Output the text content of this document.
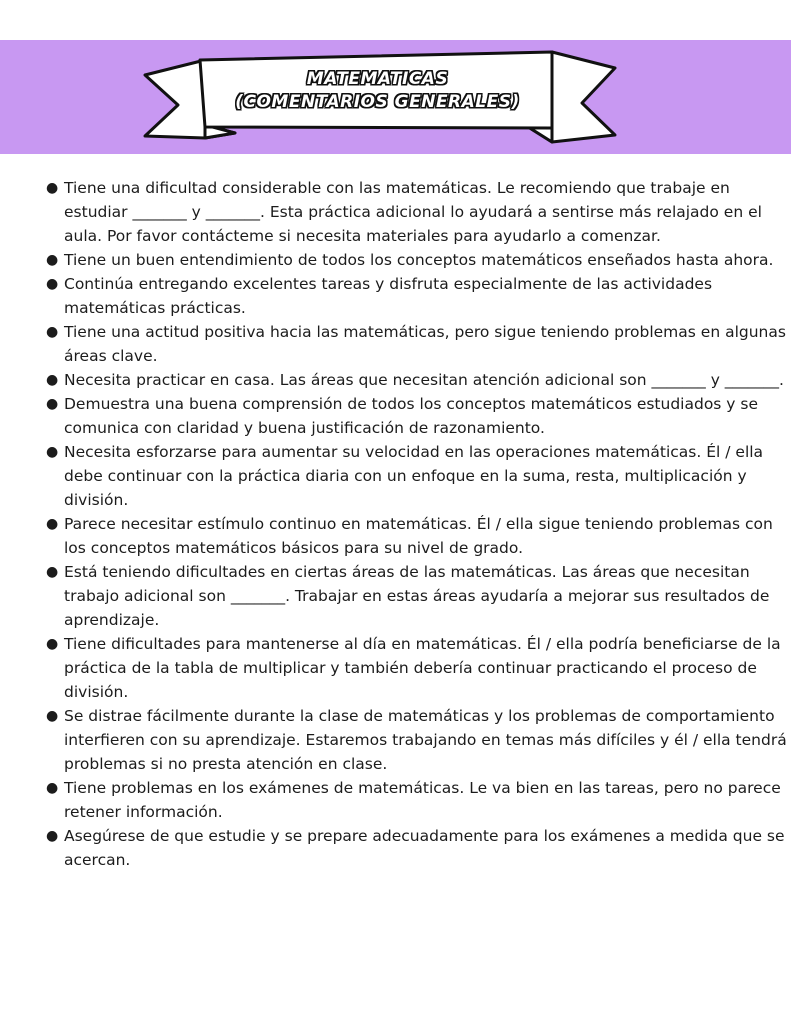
MATEMATICAS
(COMENTARIOS GENERALES)
● Tiene una dificultad considerable con las matemáticas. Le recomiendo que trabaje en estudiar _______ y _______. Esta práctica adicional lo ayudará a sentirse más relajado en el aula. Por favor contácteme si necesita materiales para ayudarlo a comenzar.
● Tiene un buen entendimiento de todos los conceptos matemáticos enseñados hasta ahora.
● Continúa entregando excelentes tareas y disfruta especialmente de las actividades matemáticas prácticas.
● Tiene una actitud positiva hacia las matemáticas, pero sigue teniendo problemas en algunas áreas clave.
● Necesita practicar en casa. Las áreas que necesitan atención adicional son _______ y _______.
● Demuestra una buena comprensión de todos los conceptos matemáticos estudiados y se comunica con claridad y buena justificación de razonamiento.
● Necesita esforzarse para aumentar su velocidad en las operaciones matemáticas. Él / ella debe continuar con la práctica diaria con un enfoque en la suma, resta, multiplicación y división.
● Parece necesitar estímulo continuo en matemáticas. Él / ella sigue teniendo problemas con los conceptos matemáticos básicos para su nivel de grado.
● Está teniendo dificultades en ciertas áreas de las matemáticas. Las áreas que necesitan trabajo adicional son _______. Trabajar en estas áreas ayudaría a mejorar sus resultados de aprendizaje.
● Tiene dificultades para mantenerse al día en matemáticas. Él / ella podría beneficiarse de la práctica de la tabla de multiplicar y también debería continuar practicando el proceso de división.
● Se distrae fácilmente durante la clase de matemáticas y los problemas de comportamiento interfieren con su aprendizaje. Estaremos trabajando en temas más difíciles y él / ella tendrá problemas si no presta atención en clase.
● Tiene problemas en los exámenes de matemáticas. Le va bien en las tareas, pero no parece retener información.
● Asegúrese de que estudie y se prepare adecuadamente para los exámenes a medida que se acercan.
